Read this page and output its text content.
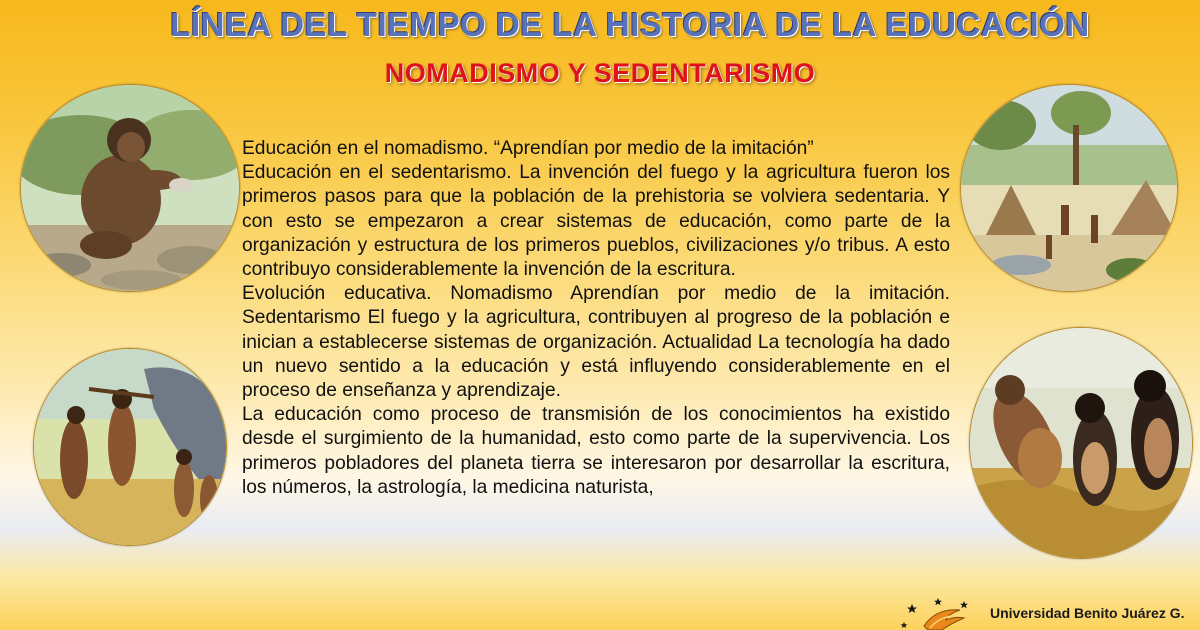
LÍNEA DEL TIEMPO DE LA HISTORIA DE LA EDUCACIÓN
NOMADISMO Y SEDENTARISMO

Educación en el nomadismo. “Aprendían por medio de la imitación”

Educación en el sedentarismo. La invención del fuego y la agricultura fueron los primeros pasos para que la población de la prehistoria se volviera sedentaria. Y con esto se empezaron a crear sistemas de educación, como parte de la organización y estructura de los primeros pueblos, civilizaciones y/o tribus. A esto contribuyo considerablemente la invención de la escritura.

Evolución educativa. Nomadismo Aprendían por medio de la imitación. Sedentarismo El fuego y la agricultura, contribuyen al progreso de la población e inician a establecerse sistemas de organización. Actualidad La tecnología ha dado un nuevo sentido a la educación y está influyendo considerablemente en el proceso de enseñanza y aprendizaje.

La educación como proceso de transmisión de los conocimientos ha existido desde el surgimiento de la humanidad, esto como parte de la supervivencia. Los primeros pobladores del planeta tierra se interesaron por desarrollar la escritura, los números, la astrología, la medicina naturista,

Universidad Benito Juárez G.
